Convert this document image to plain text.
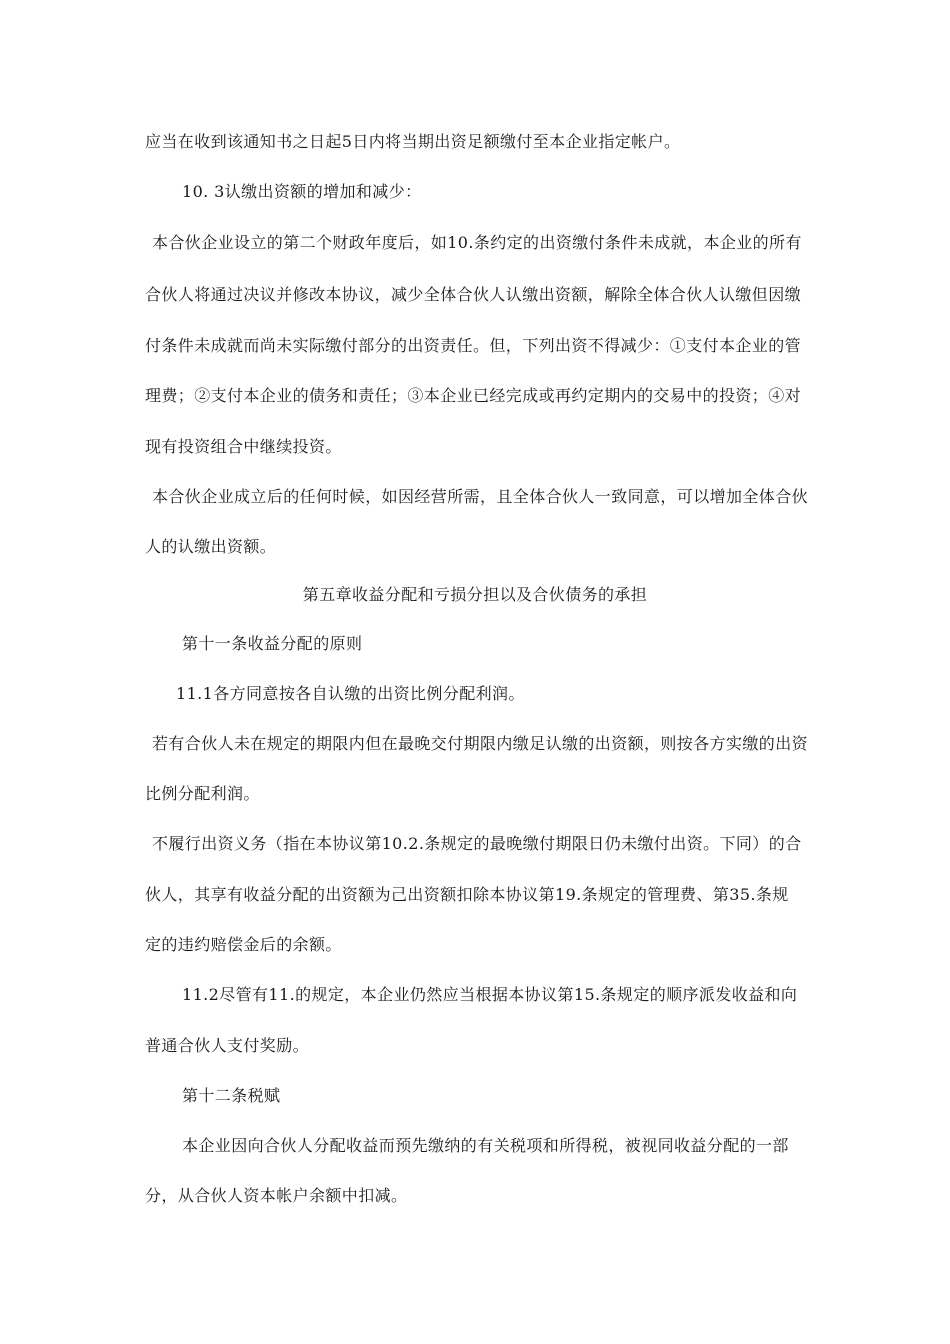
应当在收到该通知书之日起5日内将当期出资足额缴付至本企业指定帐户。
10. 3认缴出资额的增加和减少：
本合伙企业设立的第二个财政年度后，如10.条约定的出资缴付条件未成就，本企业的所有
合伙人将通过决议并修改本协议，减少全体合伙人认缴出资额，解除全体合伙人认缴但因缴
付条件未成就而尚未实际缴付部分的出资责任。但，下列出资不得减少：①支付本企业的管
理费；②支付本企业的债务和责任；③本企业已经完成或再约定期内的交易中的投资；④对
现有投资组合中继续投资。
本合伙企业成立后的任何时候，如因经营所需，且全体合伙人一致同意，可以增加全体合伙
人的认缴出资额。
第五章收益分配和亏损分担以及合伙债务的承担
第十一条收益分配的原则
11.1各方同意按各自认缴的出资比例分配利润。
若有合伙人未在规定的期限内但在最晚交付期限内缴足认缴的出资额，则按各方实缴的出资
比例分配利润。
不履行出资义务（指在本协议第10.2.条规定的最晚缴付期限日仍未缴付出资。下同）的合
伙人，其享有收益分配的出资额为己出资额扣除本协议第19.条规定的管理费、第35.条规
定的违约赔偿金后的余额。
11.2尽管有11.的规定，本企业仍然应当根据本协议第15.条规定的顺序派发收益和向
普通合伙人支付奖励。
第十二条税赋
本企业因向合伙人分配收益而预先缴纳的有关税项和所得税，被视同收益分配的一部
分，从合伙人资本帐户余额中扣减。
